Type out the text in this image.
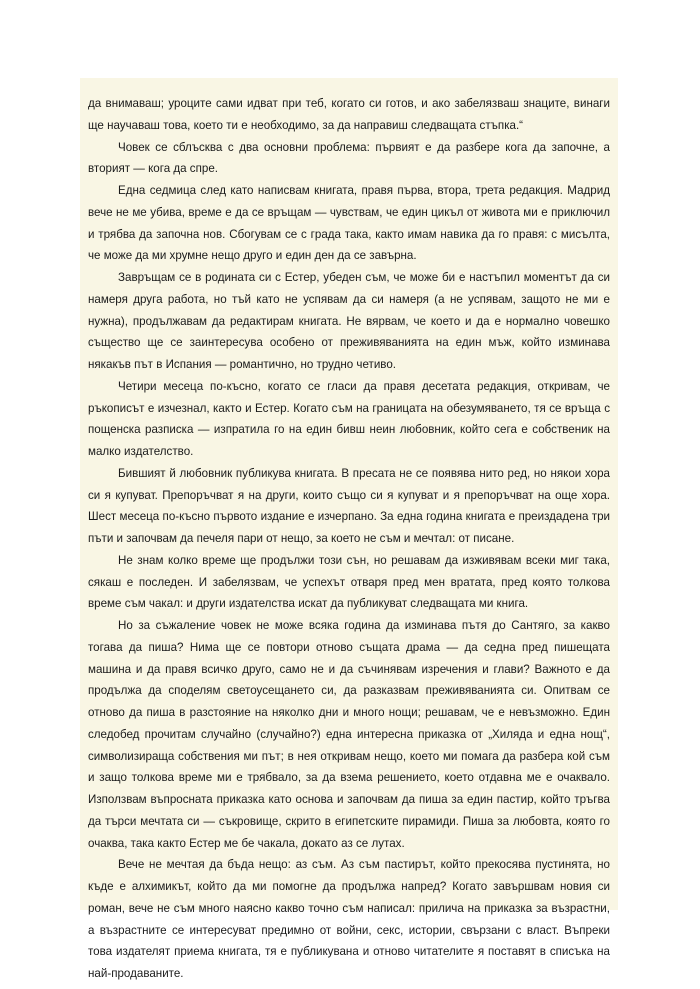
да внимаваш; уроците сами идват при теб, когато си готов, и ако забелязваш знаците, винаги ще научаваш това, което ти е необходимо, за да направиш следващата стъпка.“

Човек се сблъсква с два основни проблема: първият е да разбере кога да започне, а вторият — кога да спре.

Една седмица след като написвам книгата, правя първа, втора, трета редакция. Мадрид вече не ме убива, време е да се връщам — чувствам, че един цикъл от живота ми е приключил и трябва да започна нов. Сбогувам се с града така, както имам навика да го правя: с мисълта, че може да ми хрумне нещо друго и един ден да се завърна.

Завръщам се в родината си с Естер, убеден съм, че може би е настъпил моментът да си намеря друга работа, но тъй като не успявам да си намеря (а не успявам, защото не ми е нужна), продължавам да редактирам книгата. Не вярвам, че което и да е нормално човешко същество ще се заинтересува особено от преживяванията на един мъж, който изминава някакъв път в Испания — романтично, но трудно четиво.

Четири месеца по-късно, когато се гласи да правя десетата редакция, откривам, че ръкописът е изчезнал, както и Естер. Когато съм на границата на обезумяването, тя се връща с пощенска разписка — изпратила го на един бивш неин любовник, който сега е собственик на малко издателство.

Бившият й любовник публикува книгата. В пресата не се появява нито ред, но някои хора си я купуват. Препоръчват я на други, които също си я купуват и я препоръчват на още хора. Шест месеца по-късно първото издание е изчерпано. За една година книгата е преиздадена три пъти и започвам да печеля пари от нещо, за което не съм и мечтал: от писане.

Не знам колко време ще продължи този сън, но решавам да изживявам всеки миг така, сякаш е последен. И забелязвам, че успехът отваря пред мен вратата, пред която толкова време съм чакал: и други издателства искат да публикуват следващата ми книга.

Но за съжаление човек не може всяка година да изминава пътя до Сантяго, за какво тогава да пиша? Нима ще се повтори отново същата драма — да седна пред пишещата машина и да правя всичко друго, само не и да съчинявам изречения и глави? Важното е да продължа да споделям светоусещането си, да разказвам преживяванията си. Опитвам се отново да пиша в разстояние на няколко дни и много нощи; решавам, че е невъзможно. Един следобед прочитам случайно (случайно?) една интересна приказка от „Хиляда и една нощ“, символизираща собствения ми път; в нея откривам нещо, което ми помага да разбера кой съм и защо толкова време ми е трябвало, за да взема решението, което отдавна ме е очаквало. Използвам въпросната приказка като основа и започвам да пиша за един пастир, който тръгва да търси мечтата си — съкровище, скрито в египетските пирамиди. Пиша за любовта, която го очаква, така както Естер ме бе чакала, докато аз се лутах.

Вече не мечтая да бъда нещо: аз съм. Аз съм пастирът, който прекосява пустинята, но къде е алхимикът, който да ми помогне да продължа напред? Когато завършвам новия си роман, вече не съм много наясно какво точно съм написал: прилича на приказка за възрастни, а възрастните се интересуват предимно от войни, секс, истории, свързани с власт. Въпреки това издателят приема книгата, тя е публикувана и отново читателите я поставят в списъка на най-продаваните.
